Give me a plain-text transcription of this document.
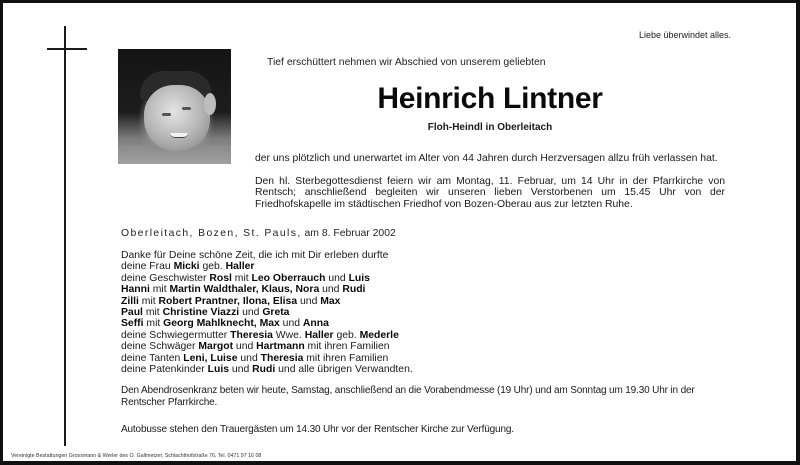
Liebe überwindet alles.
Tief erschüttert nehmen wir Abschied von unserem geliebten
Heinrich Lintner
Floh-Heindl in Oberleitach
der uns plötzlich und unerwartet im Alter von 44 Jahren durch Herzversagen allzu früh verlassen hat.
Den hl. Sterbegottesdienst feiern wir am Montag, 11. Februar, um 14 Uhr in der Pfarrkirche von Rentsch; anschließend begleiten wir unseren lieben Verstorbenen um 15.45 Uhr von der Friedhofskapelle im städtischen Friedhof von Bozen-Oberau aus zur letzten Ruhe.
Oberleitach, Bozen, St. Pauls, am 8. Februar 2002
Danke für Deine schöne Zeit, die ich mit Dir erleben durfte
deine Frau Micki geb. Haller
deine Geschwister Rosl mit Leo Oberrauch und Luis
Hanni mit Martin Waldthaler, Klaus, Nora und Rudi
Zilli mit Robert Prantner, Ilona, Elisa und Max
Paul mit Christine Viazzi und Greta
Seffi mit Georg Mahlknecht, Max und Anna
deine Schwiegermutter Theresia Wwe. Haller geb. Mederle
deine Schwäger Margot und Hartmann mit ihren Familien
deine Tanten Leni, Luise und Theresia mit ihren Familien
deine Patenkinder Luis und Rudi und alle übrigen Verwandten.
Den Abendrosenkranz beten wir heute, Samstag, anschließend an die Vorabendmesse (19 Uhr) und am Sonntag um 19.30 Uhr in der Rentscher Pfarrkirche.
Autobusse stehen den Trauergästen um 14.30 Uhr vor der Rentscher Kirche zur Verfügung.
Vereinigte Bestattungen Grossmann & Werler des O. Gallmetzer, Schlachthofstraße 76, Tel. 0471 97 16 08
